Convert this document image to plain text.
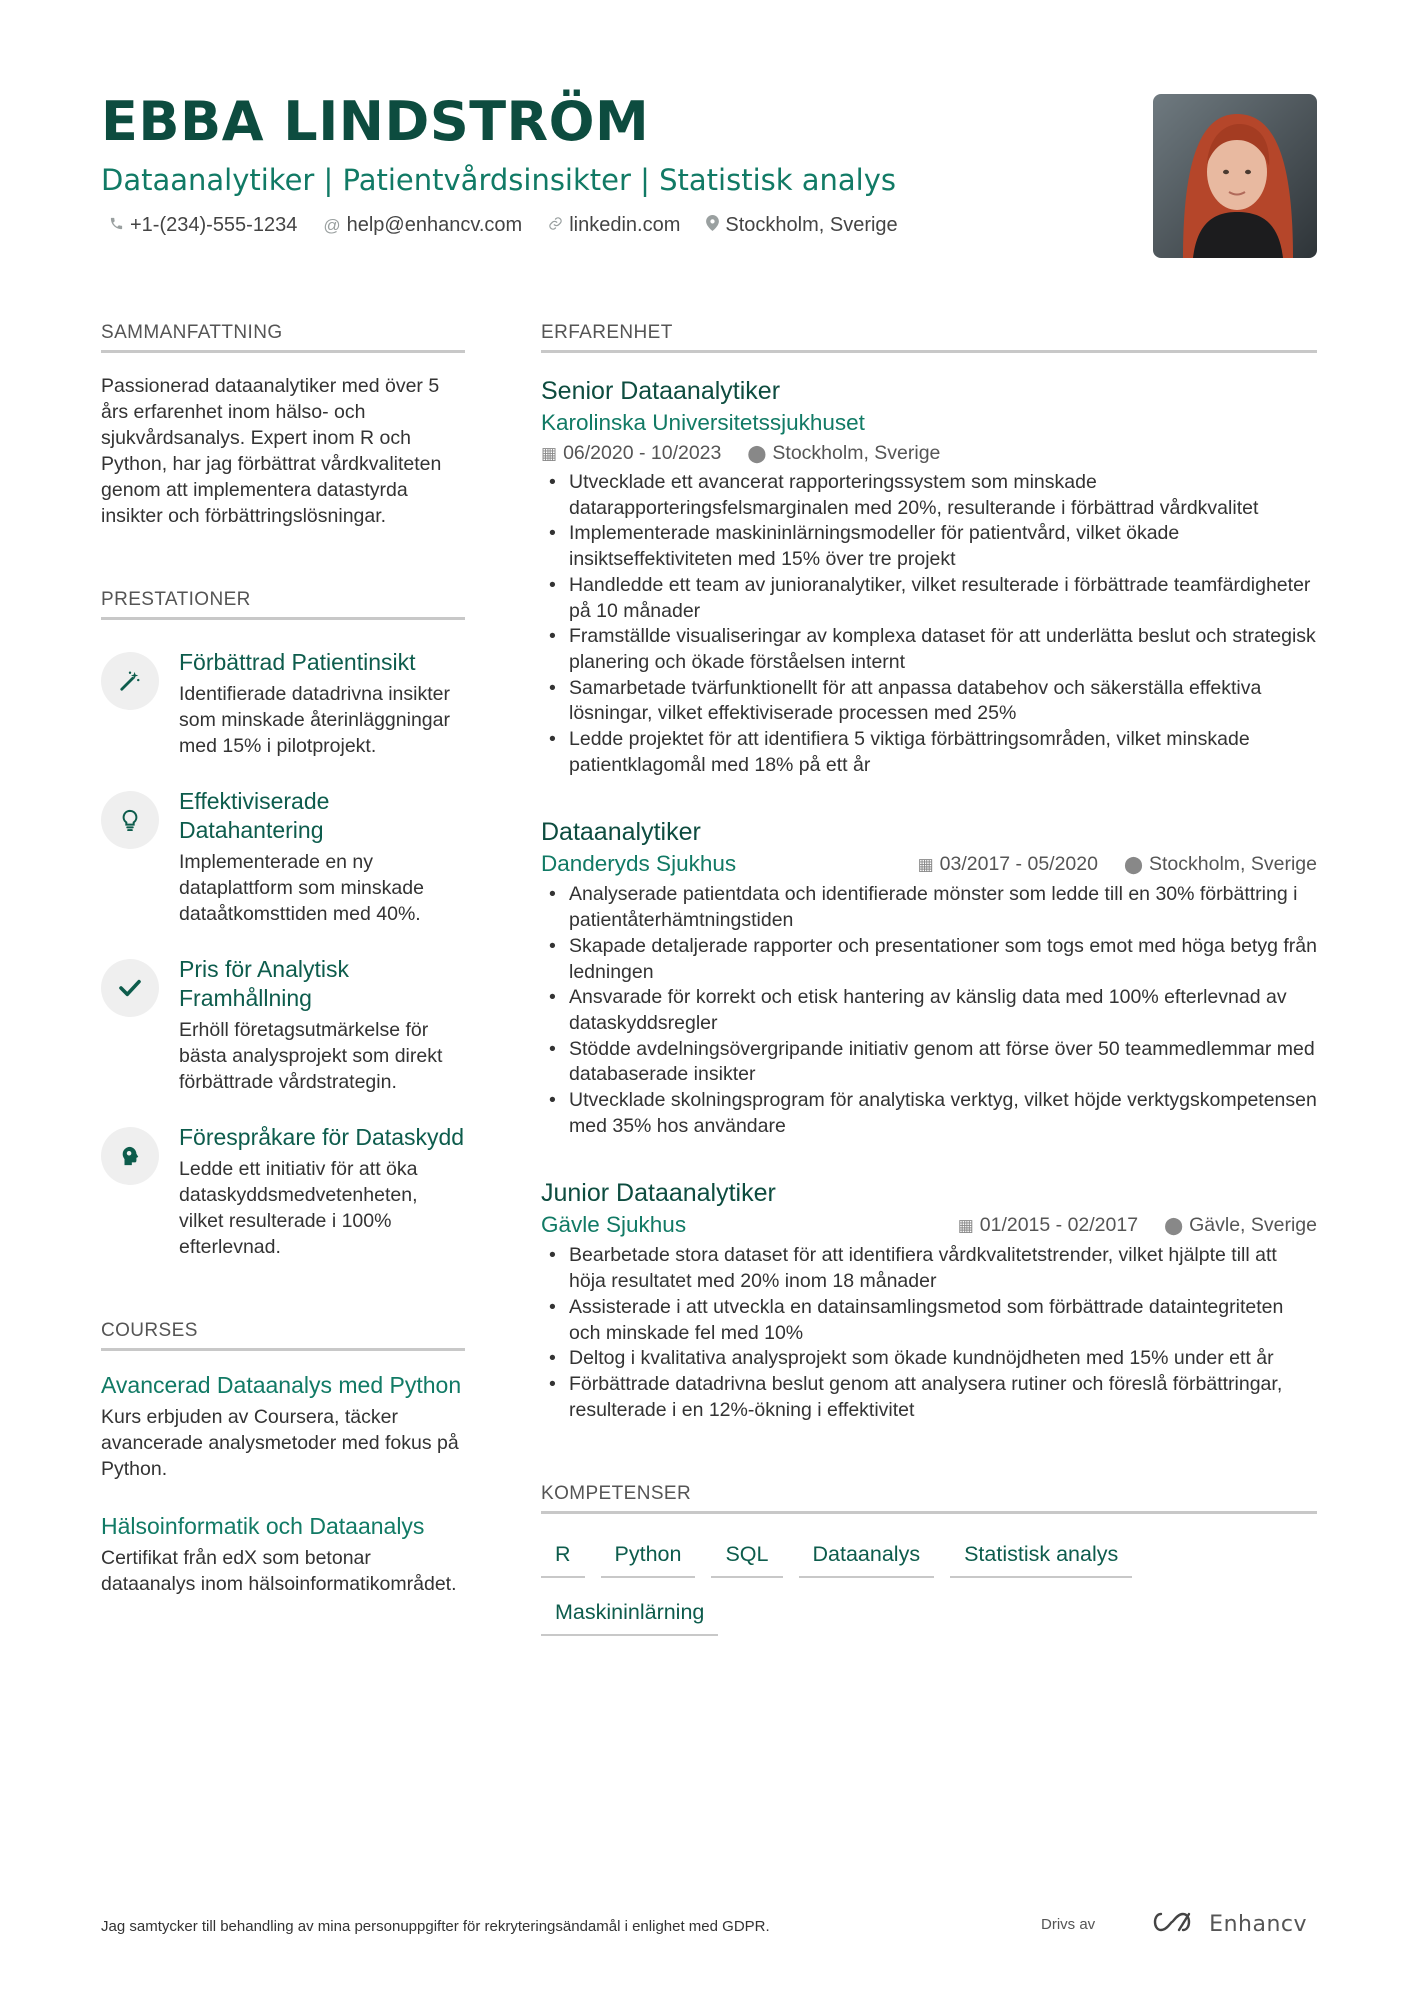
EBBA LINDSTRÖM
Dataanalytiker | Patientvårdsinsikter | Statistisk analys
+1-(234)-555-1234 @ help@enhancv.com linkedin.com Stockholm, Sverige
SAMMANFATTNING
Passionerad dataanalytiker med över 5 års erfarenhet inom hälso- och sjukvårdsanalys. Expert inom R och Python, har jag förbättrat vårdkvaliteten genom att implementera datastyrda insikter och förbättringslösningar.
PRESTATIONER
Förbättrad Patientinsikt
Identifierade datadrivna insikter som minskade återinläggningar med 15% i pilotprojekt.
Effektiviserade Datahantering
Implementerade en ny dataplattform som minskade dataåtkomsttiden med 40%.
Pris för Analytisk Framhållning
Erhöll företagsutmärkelse för bästa analysprojekt som direkt förbättrade vårdstrategin.
Förespråkare för Dataskydd
Ledde ett initiativ för att öka dataskyddsmedvetenheten, vilket resulterade i 100% efterlevnad.
COURSES
Avancerad Dataanalys med Python
Kurs erbjuden av Coursera, täcker avancerade analysmetoder med fokus på Python.
Hälsoinformatik och Dataanalys
Certifikat från edX som betonar dataanalys inom hälsoinformatikområdet.
ERFARENHET
Senior Dataanalytiker
Karolinska Universitetssjukhuset
▦ 06/2020 - 10/2023 ⬤ Stockholm, Sverige
• Utvecklade ett avancerat rapporteringssystem som minskade datarapporteringsfelsmarginalen med 20%, resulterande i förbättrad vårdkvalitet
• Implementerade maskininlärningsmodeller för patientvård, vilket ökade insiktseffektiviteten med 15% över tre projekt
• Handledde ett team av junioranalytiker, vilket resulterade i förbättrade teamfärdigheter på 10 månader
• Framställde visualiseringar av komplexa dataset för att underlätta beslut och strategisk planering och ökade förståelsen internt
• Samarbetade tvärfunktionellt för att anpassa databehov och säkerställa effektiva lösningar, vilket effektiviserade processen med 25%
• Ledde projektet för att identifiera 5 viktiga förbättringsområden, vilket minskade patientklagomål med 18% på ett år
Dataanalytiker
Danderyds Sjukhus	▦ 03/2017 - 05/2020 ⬤ Stockholm, Sverige
• Analyserade patientdata och identifierade mönster som ledde till en 30% förbättring i patientåterhämtningstiden
• Skapade detaljerade rapporter och presentationer som togs emot med höga betyg från ledningen
• Ansvarade för korrekt och etisk hantering av känslig data med 100% efterlevnad av dataskyddsregler
• Stödde avdelningsövergripande initiativ genom att förse över 50 teammedlemmar med databaserade insikter
• Utvecklade skolningsprogram för analytiska verktyg, vilket höjde verktygskompetensen med 35% hos användare
Junior Dataanalytiker
Gävle Sjukhus	▦ 01/2015 - 02/2017 ⬤ Gävle, Sverige
• Bearbetade stora dataset för att identifiera vårdkvalitetstrender, vilket hjälpte till att höja resultatet med 20% inom 18 månader
• Assisterade i att utveckla en datainsamlingsmetod som förbättrade dataintegriteten och minskade fel med 10%
• Deltog i kvalitativa analysprojekt som ökade kundnöjdheten med 15% under ett år
• Förbättrade datadrivna beslut genom att analysera rutiner och föreslå förbättringar, resulterade i en 12%-ökning i effektivitet
KOMPETENSER
R	Python	SQL	Dataanalys	Statistisk analys
Maskininlärning
Jag samtycker till behandling av mina personuppgifter för rekryteringsändamål i enlighet med GDPR.	Drivs av	Enhancv
